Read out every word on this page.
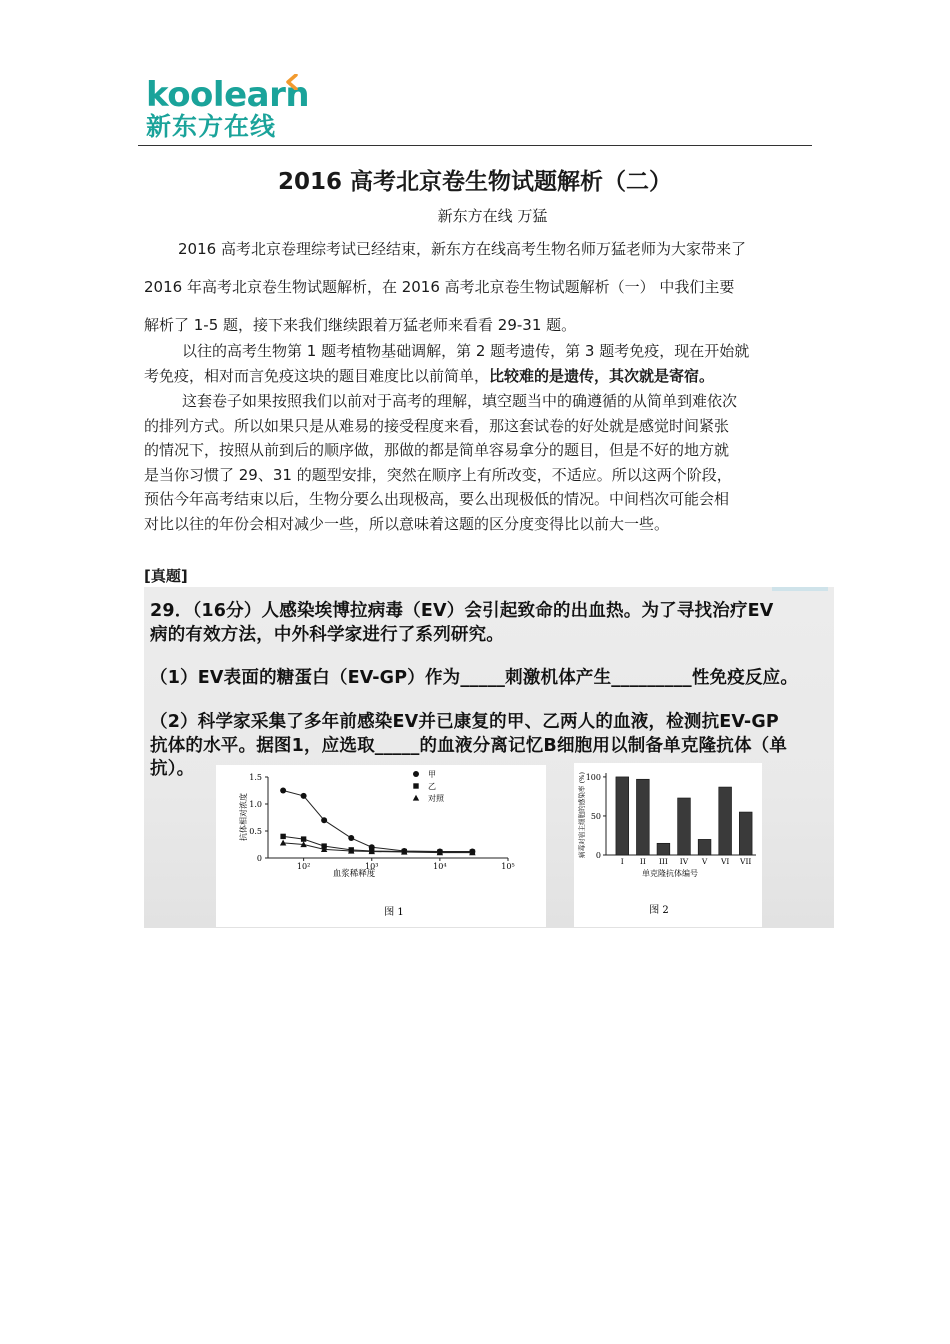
koolearn
新东方在线
2016 高考北京卷生物试题解析（二）
新东方在线 万猛
2016 高考北京卷理综考试已经结束，新东方在线高考生物名师万猛老师为大家带来了
2016 年高考北京卷生物试题解析，在 2016 高考北京卷生物试题解析（一） 中我们主要
解析了 1-5 题，接下来我们继续跟着万猛老师来看看 29-31 题。
以往的高考生物第 1 题考植物基础调解，第 2 题考遗传，第 3 题考免疫，现在开始就
考免疫，相对而言免疫这块的题目难度比以前简单，比较难的是遗传，其次就是寄宿。
这套卷子如果按照我们以前对于高考的理解，填空题当中的确遵循的从简单到难依次
的排列方式。所以如果只是从难易的接受程度来看，那这套试卷的好处就是感觉时间紧张
的情况下，按照从前到后的顺序做，那做的都是简单容易拿分的题目，但是不好的地方就
是当你习惯了 29、31 的题型安排，突然在顺序上有所改变，不适应。所以这两个阶段，
预估今年高考结束以后，生物分要么出现极高，要么出现极低的情况。中间档次可能会相
对比以往的年份会相对减少一些，所以意味着这题的区分度变得比以前大一些。
[真题]
29．（16分）人感染埃博拉病毒（EV）会引起致命的出血热。为了寻找治疗EV
病的有效方法，中外科学家进行了系列研究。
（1）EV表面的糖蛋白（EV-GP）作为_____刺激机体产生_________性免疫反应。
（2）科学家采集了多年前感染EV并已康复的甲、乙两人的血液，检测抗EV-GP
抗体的水平。据图1，应选取_____的血液分离记忆B细胞用以制备单克隆抗体（单
抗）。
抗体相对浓度
血浆稀释度
图 1
0
0.5
1.0
1.5
10²	10³	10⁴	10⁵
甲
乙
对照	病毒对宿主细胞的感染率 (%)
单克隆抗体编号
图 2
0
50
100
I II III IV V VI VII
